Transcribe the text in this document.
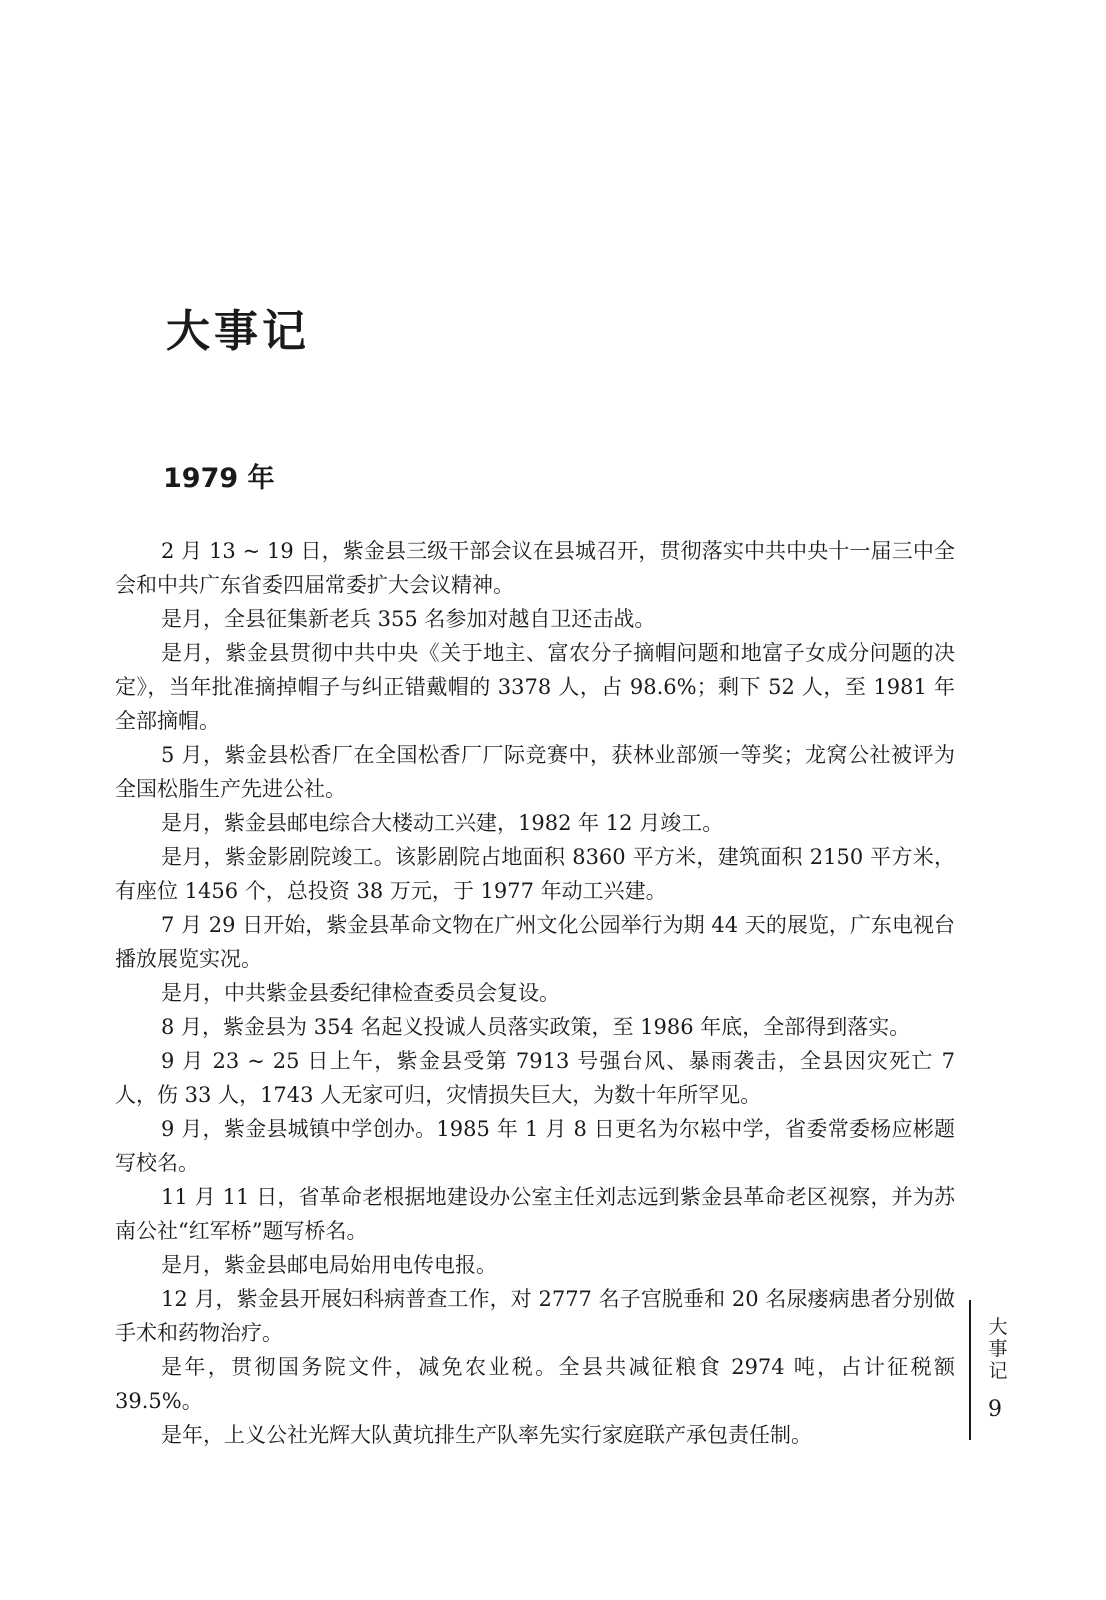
大事记
1979 年

2 月 13 ~ 19 日，紫金县三级干部会议在县城召开，贯彻落实中共中央十一届三中全会和中共广东省委四届常委扩大会议精神。

是月，全县征集新老兵 355 名参加对越自卫还击战。

是月，紫金县贯彻中共中央《关于地主、富农分子摘帽问题和地富子女成分问题的决定》，当年批准摘掉帽子与纠正错戴帽的 3378 人，占 98.6%；剩下 52 人，至 1981 年全部摘帽。

5 月，紫金县松香厂在全国松香厂厂际竞赛中，获林业部颁一等奖；龙窝公社被评为全国松脂生产先进公社。

是月，紫金县邮电综合大楼动工兴建，1982 年 12 月竣工。

是月，紫金影剧院竣工。该影剧院占地面积 8360 平方米，建筑面积 2150 平方米，有座位 1456 个，总投资 38 万元，于 1977 年动工兴建。

7 月 29 日开始，紫金县革命文物在广州文化公园举行为期 44 天的展览，广东电视台播放展览实况。

是月，中共紫金县委纪律检查委员会复设。

8 月，紫金县为 354 名起义投诚人员落实政策，至 1986 年底，全部得到落实。

9 月 23 ~ 25 日上午，紫金县受第 7913 号强台风、暴雨袭击，全县因灾死亡 7 人，伤 33 人，1743 人无家可归，灾情损失巨大，为数十年所罕见。

9 月，紫金县城镇中学创办。1985 年 1 月 8 日更名为尔崧中学，省委常委杨应彬题写校名。

11 月 11 日，省革命老根据地建设办公室主任刘志远到紫金县革命老区视察，并为苏南公社“红军桥”题写桥名。

是月，紫金县邮电局始用电传电报。

12 月，紫金县开展妇科病普查工作，对 2777 名子宫脱垂和 20 名尿瘘病患者分别做手术和药物治疗。

是年，贯彻国务院文件，减免农业税。全县共减征粮食 2974 吨，占计征税额 39.5%。

是年，上义公社光辉大队黄坑排生产队率先实行家庭联产承包责任制。

大
事
记
9
